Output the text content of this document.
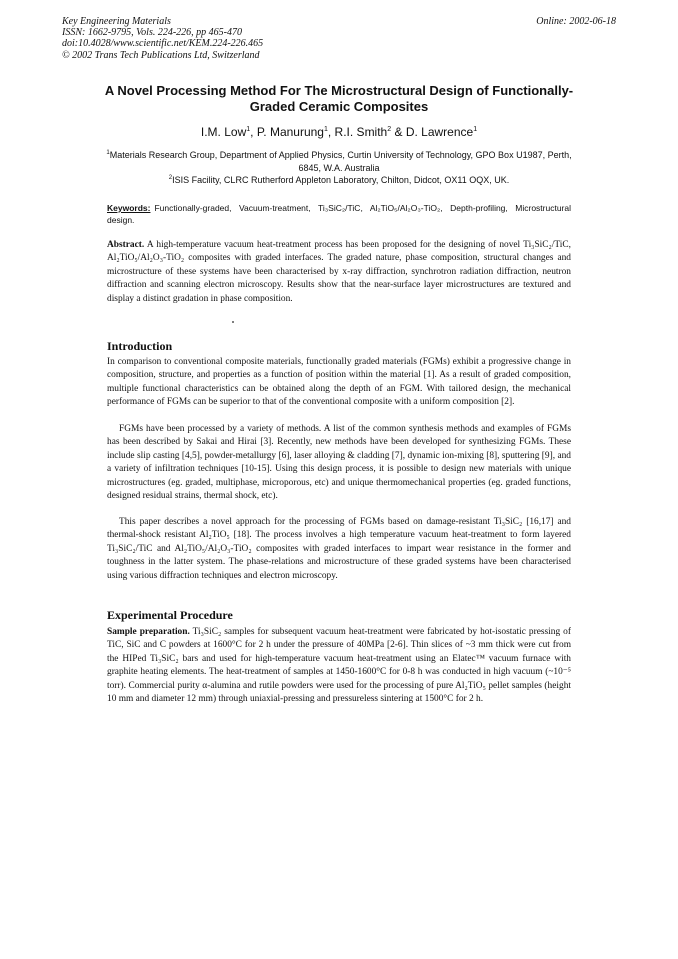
Key Engineering Materials
ISSN: 1662-9795, Vols. 224-226, pp 465-470
doi:10.4028/www.scientific.net/KEM.224-226.465
© 2002 Trans Tech Publications Ltd, Switzerland
Online: 2002-06-18
A Novel Processing Method For The Microstructural Design of Functionally-Graded Ceramic Composites
I.M. Low$^1$, P. Manurung$^1$, R.I. Smith$^2$ & D. Lawrence$^1$
$^1$Materials Research Group, Department of Applied Physics, Curtin University of Technology, GPO Box U1987, Perth, 6845, W.A. Australia
$^2$ISIS Facility, CLRC Rutherford Appleton Laboratory, Chilton, Didcot, OX11 OQX, UK.
Keywords: Functionally-graded, Vacuum-treatment, Ti₃SiC₂/TiC, Al₂TiO₅/Al₂O₃-TiO₂, Depth-profiling, Microstructural design.
Abstract. A high-temperature vacuum heat-treatment process has been proposed for the designing of novel Ti₃SiC₂/TiC, Al₂TiO₅/Al₂O₃-TiO₂ composites with graded interfaces. The graded nature, phase composition, structural changes and microstructure of these systems have been characterised by x-ray diffraction, synchrotron radiation diffraction, neutron diffraction and scanning electron microscopy. Results show that the near-surface layer microstructures are textured and display a distinct gradation in phase composition.
Introduction
In comparison to conventional composite materials, functionally graded materials (FGMs) exhibit a progressive change in composition, structure, and properties as a function of position within the material [1]. As a result of graded composition, multiple functional characteristics can be obtained along the depth of an FGM. With tailored design, the mechanical performance of FGMs can be superior to that of the conventional composite with a uniform composition [2].
FGMs have been processed by a variety of methods. A list of the common synthesis methods and examples of FGMs has been described by Sakai and Hirai [3]. Recently, new methods have been developed for synthesizing FGMs. These include slip casting [4,5], powder-metallurgy [6], laser alloying & cladding [7], dynamic ion-mixing [8], sputtering [9], and a variety of infiltration techniques [10-15]. Using this design process, it is possible to design new materials with unique microstructures (eg. graded, multiphase, microporous, etc) and unique thermomechanical properties (eg. graded functions, designed residual strains, thermal shock, etc).
This paper describes a novel approach for the processing of FGMs based on damage-resistant Ti₃SiC₂ [16,17] and thermal-shock resistant Al₂TiO₅ [18]. The process involves a high temperature vacuum heat-treatment to form layered Ti₃SiC₂/TiC and Al₂TiO₅/Al₂O₃-TiO₂ composites with graded interfaces to impart wear resistance in the former and toughness in the latter system. The phase-relations and microstructure of these graded systems have been characterised using various diffraction techniques and electron microscopy.
Experimental Procedure
Sample preparation. Ti₃SiC₂ samples for subsequent vacuum heat-treatment were fabricated by hot-isostatic pressing of TiC, SiC and C powders at 1600°C for 2 h under the pressure of 40MPa [2-6]. Thin slices of ~3 mm thick were cut from the HIPed Ti₃SiC₂ bars and used for high-temperature vacuum heat-treatment using an Elatec™ vacuum furnace with graphite heating elements. The heat-treatment of samples at 1450-1600°C for 0-8 h was conducted in high vacuum (~10⁻⁵ torr). Commercial purity α-alumina and rutile powders were used for the processing of pure Al₂TiO₅ pellet samples (height 10 mm and diameter 12 mm) through uniaxial-pressing and pressureless sintering at 1500°C for 2 h.
